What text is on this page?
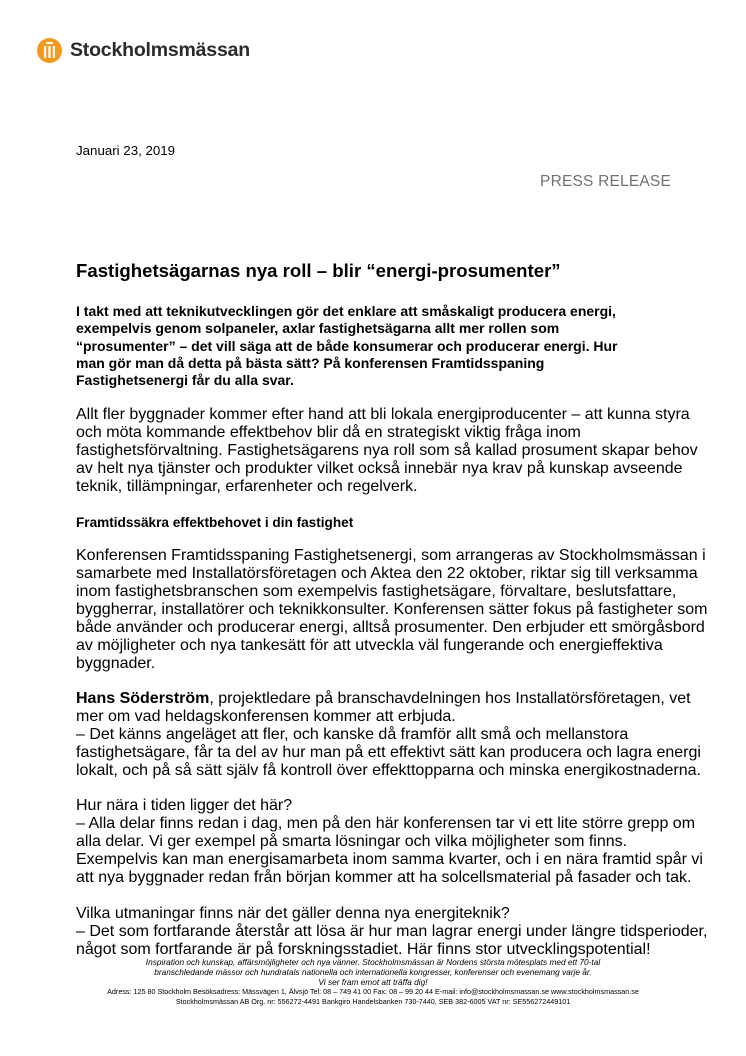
Stockholmsmässan
Januari 23, 2019
PRESS RELEASE
Fastighetsägarnas nya roll – blir “energi-prosumenter”
I takt med att teknikutvecklingen gör det enklare att småskaligt producera energi,
exempelvis genom solpaneler, axlar fastighetsägarna allt mer rollen som
“prosumenter” – det vill säga att de både konsumerar och producerar energi. Hur
man gör man då detta på bästa sätt? På konferensen Framtidsspaning
Fastighetsenergi får du alla svar.
Allt fler byggnader kommer efter hand att bli lokala energiproducenter – att kunna styra
och möta kommande effektbehov blir då en strategiskt viktig fråga inom
fastighetsförvaltning. Fastighetsägarens nya roll som så kallad prosument skapar behov
av helt nya tjänster och produkter vilket också innebär nya krav på kunskap avseende
teknik, tillämpningar, erfarenheter och regelverk.
Framtidssäkra effektbehovet i din fastighet
Konferensen Framtidsspaning Fastighetsenergi, som arrangeras av Stockholmsmässan i
samarbete med Installatörsföretagen och Aktea den 22 oktober, riktar sig till verksamma
inom fastighetsbranschen som exempelvis fastighetsägare, förvaltare, beslutsfattare,
byggherrar, installatörer och teknikkonsulter. Konferensen sätter fokus på fastigheter som
både använder och producerar energi, alltså prosumenter. Den erbjuder ett smörgåsbord
av möjligheter och nya tankesätt för att utveckla väl fungerande och energieffektiva
byggnader.
Hans Söderström, projektledare på branschavdelningen hos Installatörsföretagen, vet
mer om vad heldagskonferensen kommer att erbjuda.
– Det känns angeläget att fler, och kanske då framför allt små och mellanstora
fastighetsägare, får ta del av hur man på ett effektivt sätt kan producera och lagra energi
lokalt, och på så sätt själv få kontroll över effekttopparna och minska energikostnaderna.
Hur nära i tiden ligger det här?
– Alla delar finns redan i dag, men på den här konferensen tar vi ett lite större grepp om
alla delar. Vi ger exempel på smarta lösningar och vilka möjligheter som finns.
Exempelvis kan man energisamarbeta inom samma kvarter, och i en nära framtid spår vi
att nya byggnader redan från början kommer att ha solcellsmaterial på fasader och tak.
Vilka utmaningar finns när det gäller denna nya energiteknik?
– Det som fortfarande återstår att lösa är hur man lagrar energi under längre tidsperioder,
något som fortfarande är på forskningsstadiet. Här finns stor utvecklingspotential!
Inspiration och kunskap, affärsmöjligheter och nya vänner. Stockholmsmässan är Nordens största mötesplats med ett 70-tal
branschledande mässor och hundratals nationella och internationella kongresser, konferenser och evenemang varje år.
Vi ser fram emot att träffa dig!
Adress: 125 80 Stockholm Besöksadress: Mässvägen 1, Älvsjö Tel: 08 – 749 41 00 Fax: 08 – 99 20 44 E-mail: info@stockholmsmassan.se www.stockholmsmassan.se
Stockholmsmässan AB Org. nr: 556272-4491 Bankgiro Handelsbanken 730-7440, SEB 382-6005 VAT nr: SE556272449101
